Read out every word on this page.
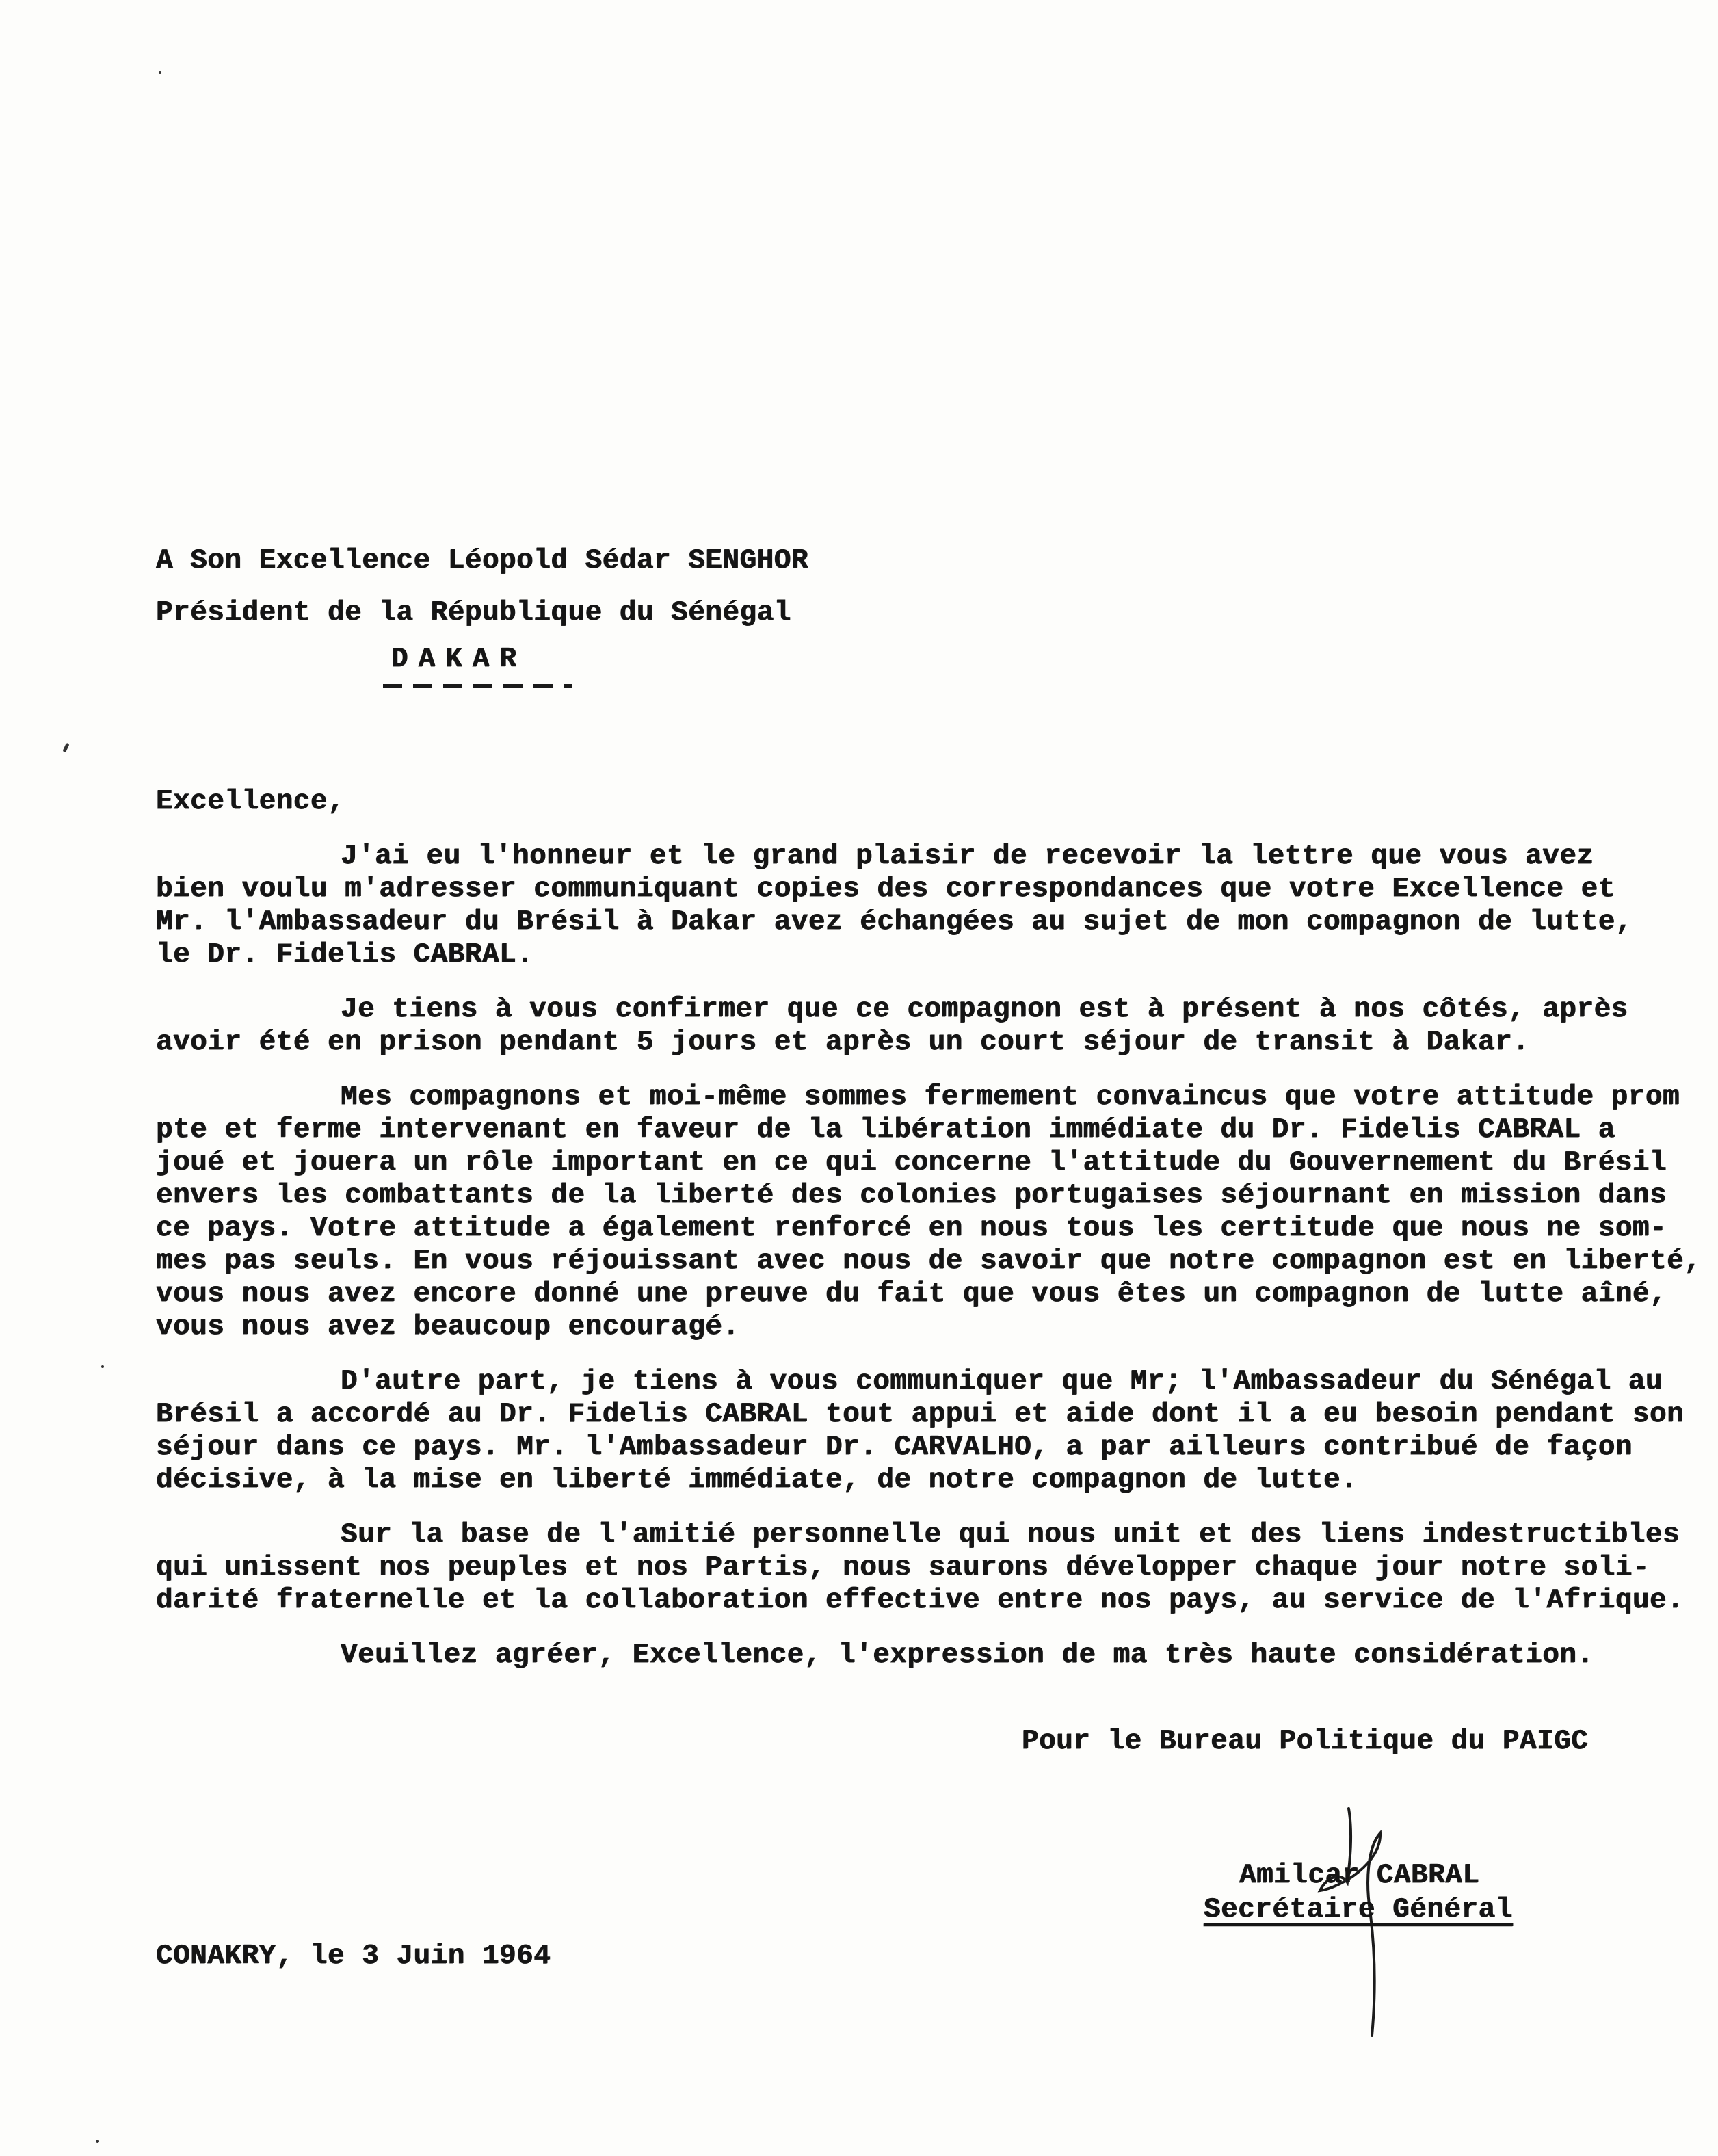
A Son Excellence Léopold Sédar SENGHOR
Président de la République du Sénégal
DAKAR
Excellence,
J'ai eu l'honneur et le grand plaisir de recevoir la lettre que vous avez
bien voulu m'adresser communiquant copies des correspondances que votre Excellence et
Mr. l'Ambassadeur du Brésil à Dakar avez échangées au sujet de mon compagnon de lutte,
le Dr. Fidelis CABRAL.
Je tiens à vous confirmer que ce compagnon est à présent à nos côtés, après
avoir été en prison pendant 5 jours et après un court séjour de transit à Dakar.
Mes compagnons et moi-même sommes fermement convaincus que votre attitude prom
pte et ferme intervenant en faveur de la libération immédiate du Dr. Fidelis CABRAL a
joué et jouera un rôle important en ce qui concerne l'attitude du Gouvernement du Brésil
envers les combattants de la liberté des colonies portugaises séjournant en mission dans
ce pays. Votre attitude a également renforcé en nous tous les certitude que nous ne som-
mes pas seuls. En vous réjouissant avec nous de savoir que notre compagnon est en liberté,
vous nous avez encore donné une preuve du fait que vous êtes un compagnon de lutte aîné,
vous nous avez beaucoup encouragé.
D'autre part, je tiens à vous communiquer que Mr; l'Ambassadeur du Sénégal au
Brésil a accordé au Dr. Fidelis CABRAL tout appui et aide dont il a eu besoin pendant son
séjour dans ce pays. Mr. l'Ambassadeur Dr. CARVALHO, a par ailleurs contribué de façon
décisive, à la mise en liberté immédiate, de notre compagnon de lutte.
Sur la base de l'amitié personnelle qui nous unit et des liens indestructibles
qui unissent nos peuples et nos Partis, nous saurons développer chaque jour notre soli-
darité fraternelle et la collaboration effective entre nos pays, au service de l'Afrique.
Veuillez agréer, Excellence, l'expression de ma très haute considération.
Pour le Bureau Politique du PAIGC
Amilcar CABRAL
Secrétaire Général
CONAKRY, le 3 Juin 1964
